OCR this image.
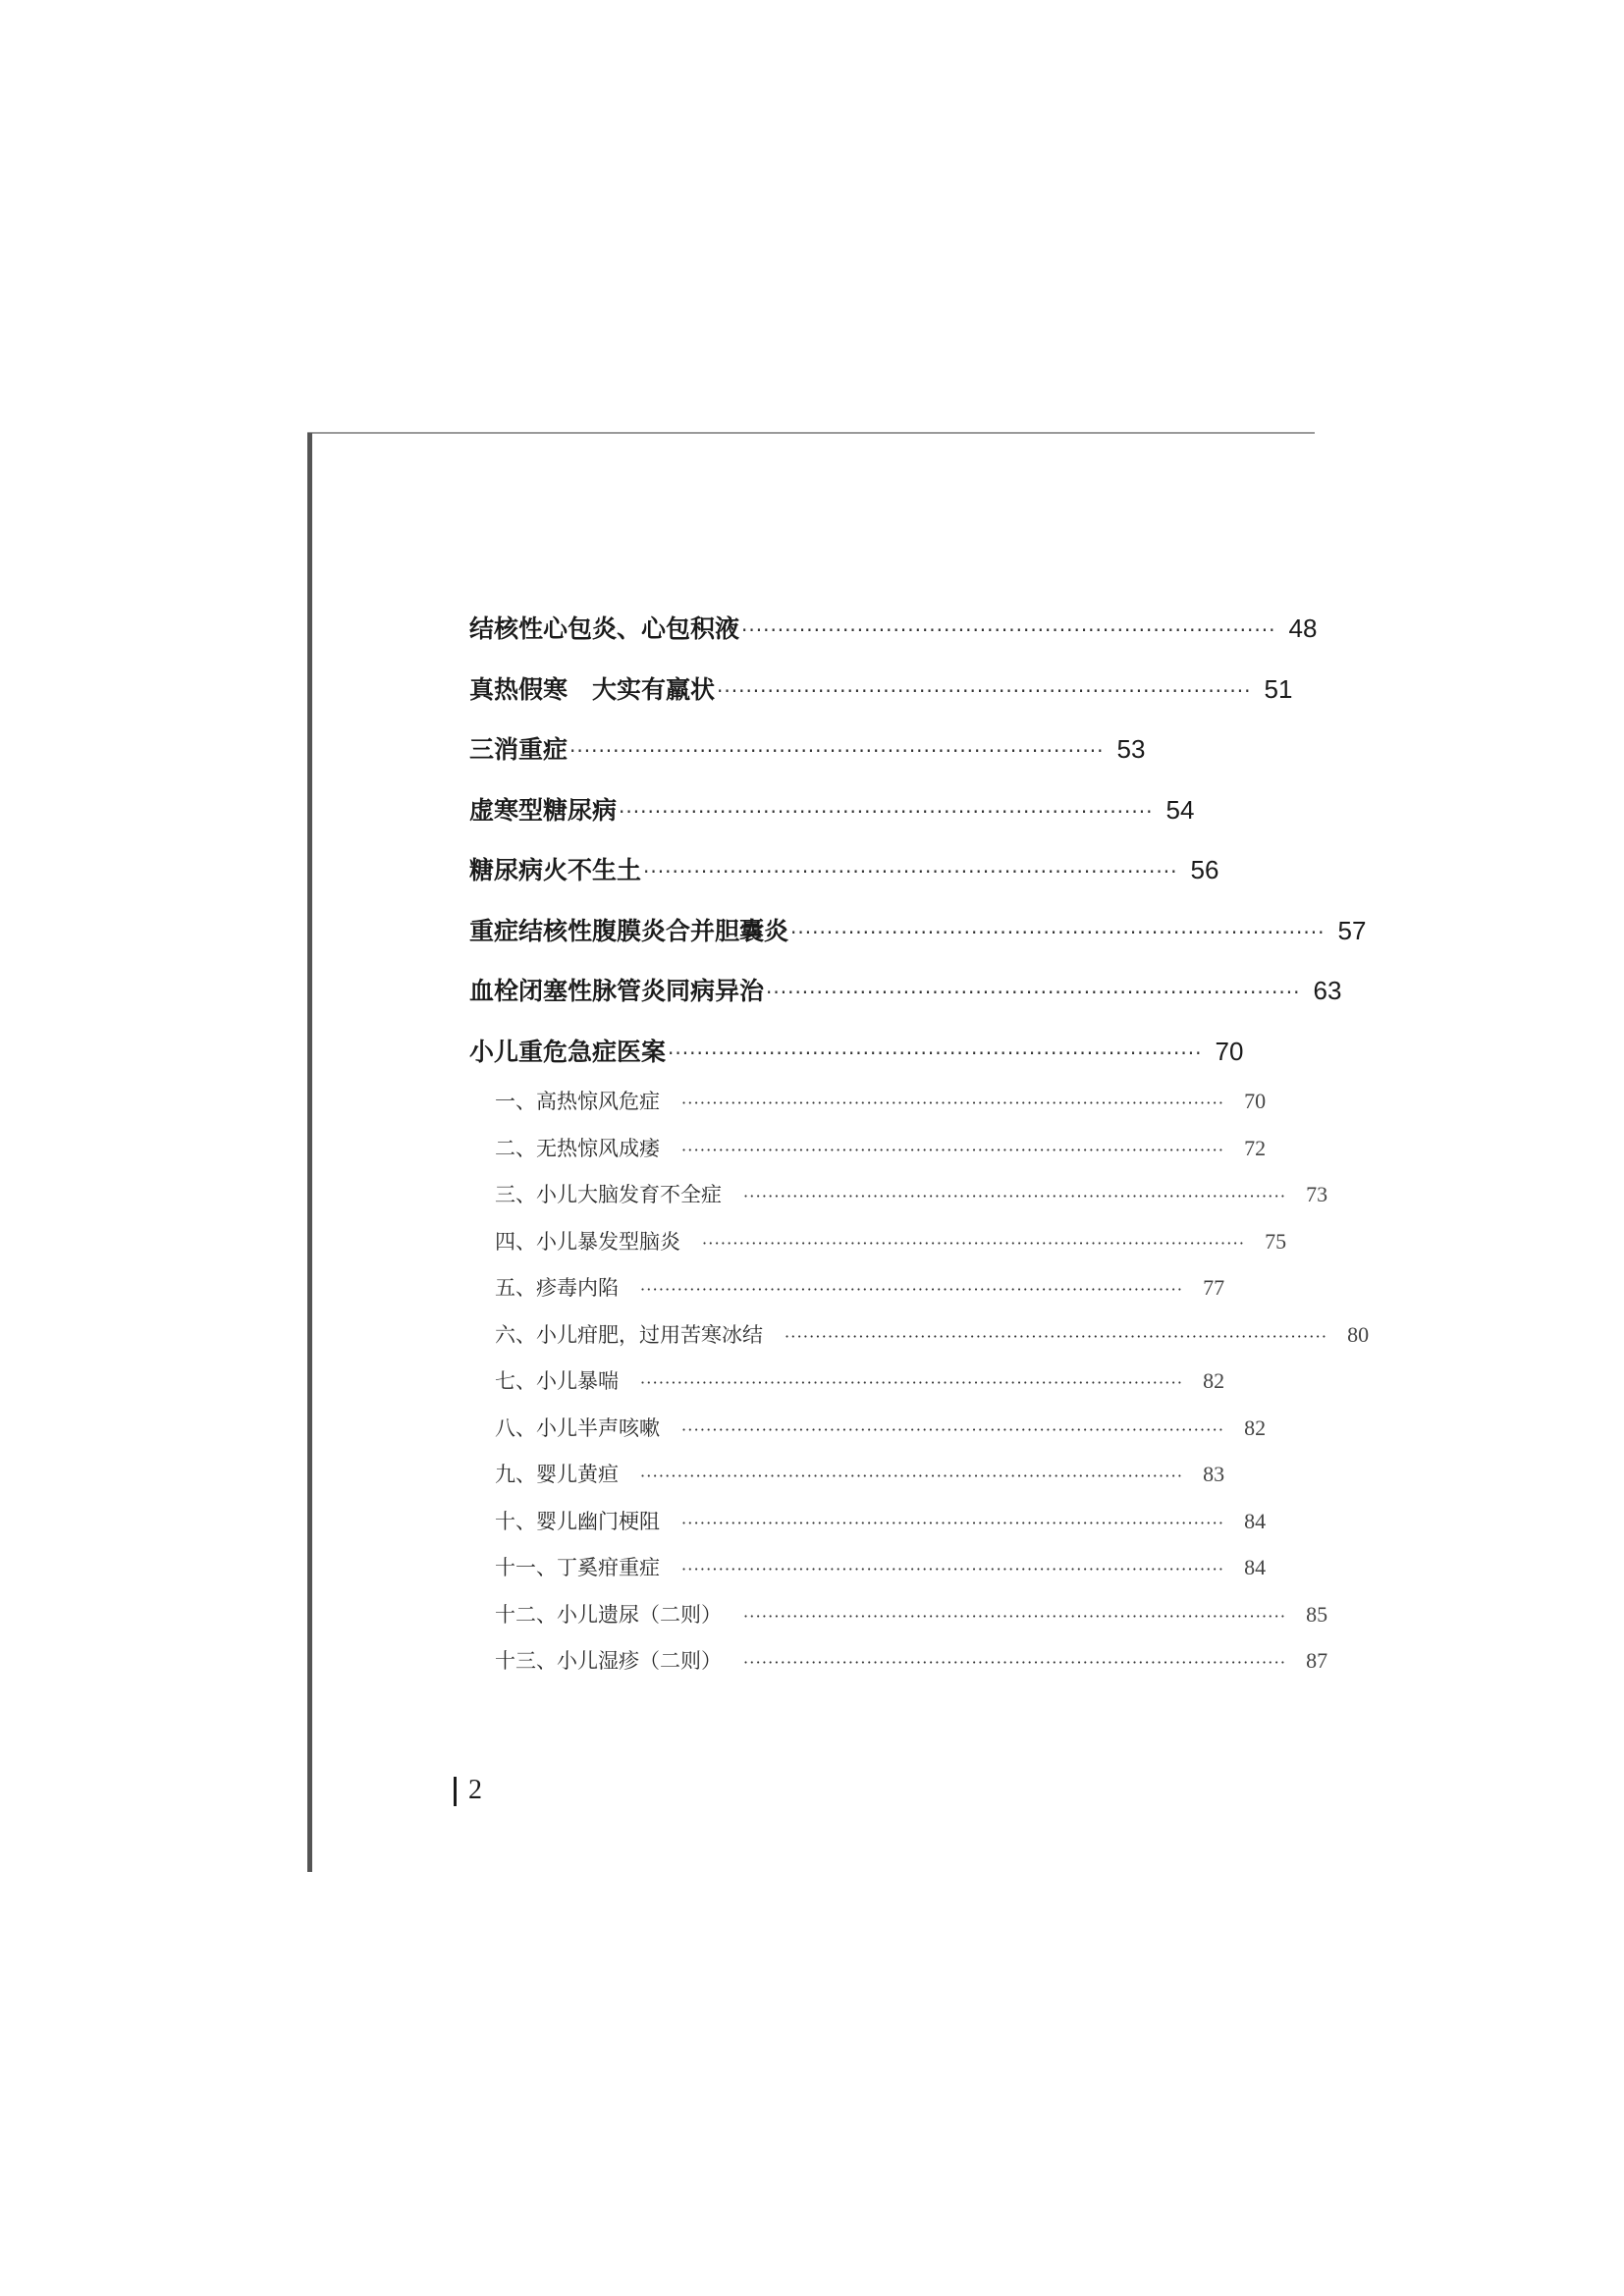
结核性心包炎、心包积液 ·········································································· 48
真热假寒　大实有羸状 ·········································································· 51
三消重症 ·········································································· 53
虚寒型糖尿病 ·········································································· 54
糖尿病火不生土 ·········································································· 56
重症结核性腹膜炎合并胆囊炎 ·········································································· 57
血栓闭塞性脉管炎同病异治 ·········································································· 63
小儿重危急症医案 ·········································································· 70
一、高热惊风危症 ························································································ 70
二、无热惊风成痿 ························································································ 72
三、小儿大脑发育不全症 ························································································ 73
四、小儿暴发型脑炎 ························································································ 75
五、疹毒内陷 ························································································ 77
六、小儿疳肥，过用苦寒冰结 ························································································ 80
七、小儿暴喘 ························································································ 82
八、小儿半声咳嗽 ························································································ 82
九、婴儿黄疸 ························································································ 83
十、婴儿幽门梗阻 ························································································ 84
十一、丁奚疳重症 ························································································ 84
十二、小儿遗尿（二则） ························································································ 85
十三、小儿湿疹（二则） ························································································ 87
2
